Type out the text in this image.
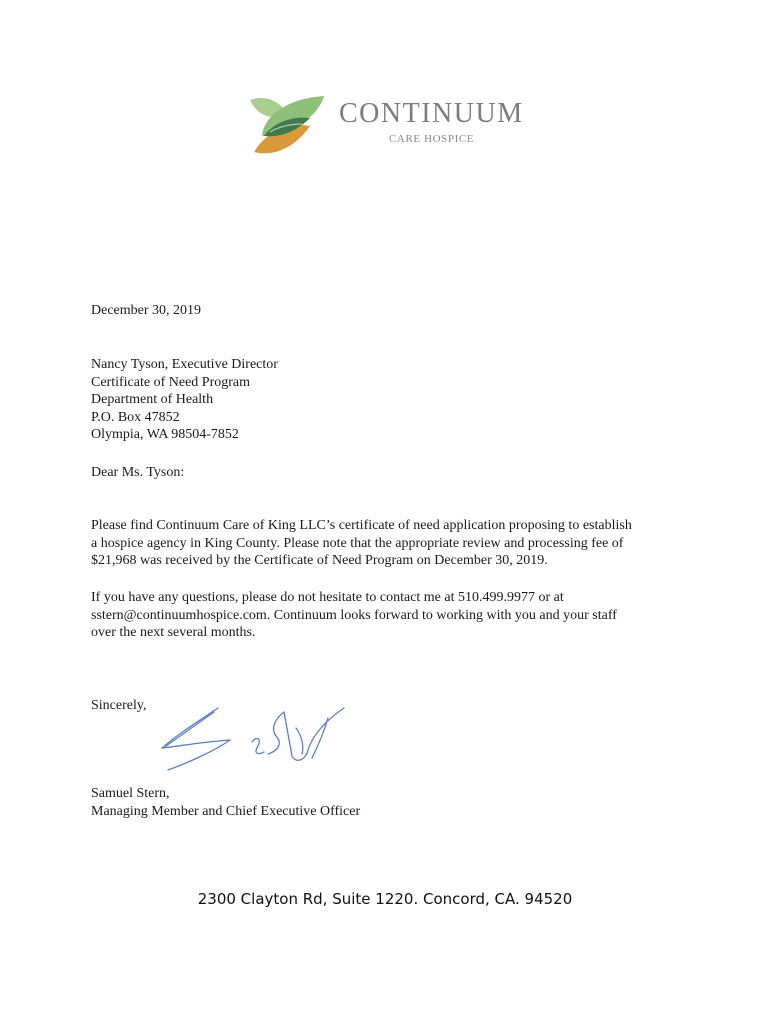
CONTINUUM
CARE HOSPICE
December 30, 2019
Nancy Tyson, Executive Director
Certificate of Need Program
Department of Health
P.O. Box 47852
Olympia, WA 98504-7852
Dear Ms. Tyson:
Please find Continuum Care of King LLC’s certificate of need application proposing to establish
a hospice agency in King County. Please note that the appropriate review and processing fee of
$21,968 was received by the Certificate of Need Program on December 30, 2019.
If you have any questions, please do not hesitate to contact me at 510.499.9977 or at
sstern@continuumhospice.com. Continuum looks forward to working with you and your staff
over the next several months.
Sincerely,
Samuel Stern,
Managing Member and Chief Executive Officer
2300 Clayton Rd, Suite 1220. Concord, CA. 94520
